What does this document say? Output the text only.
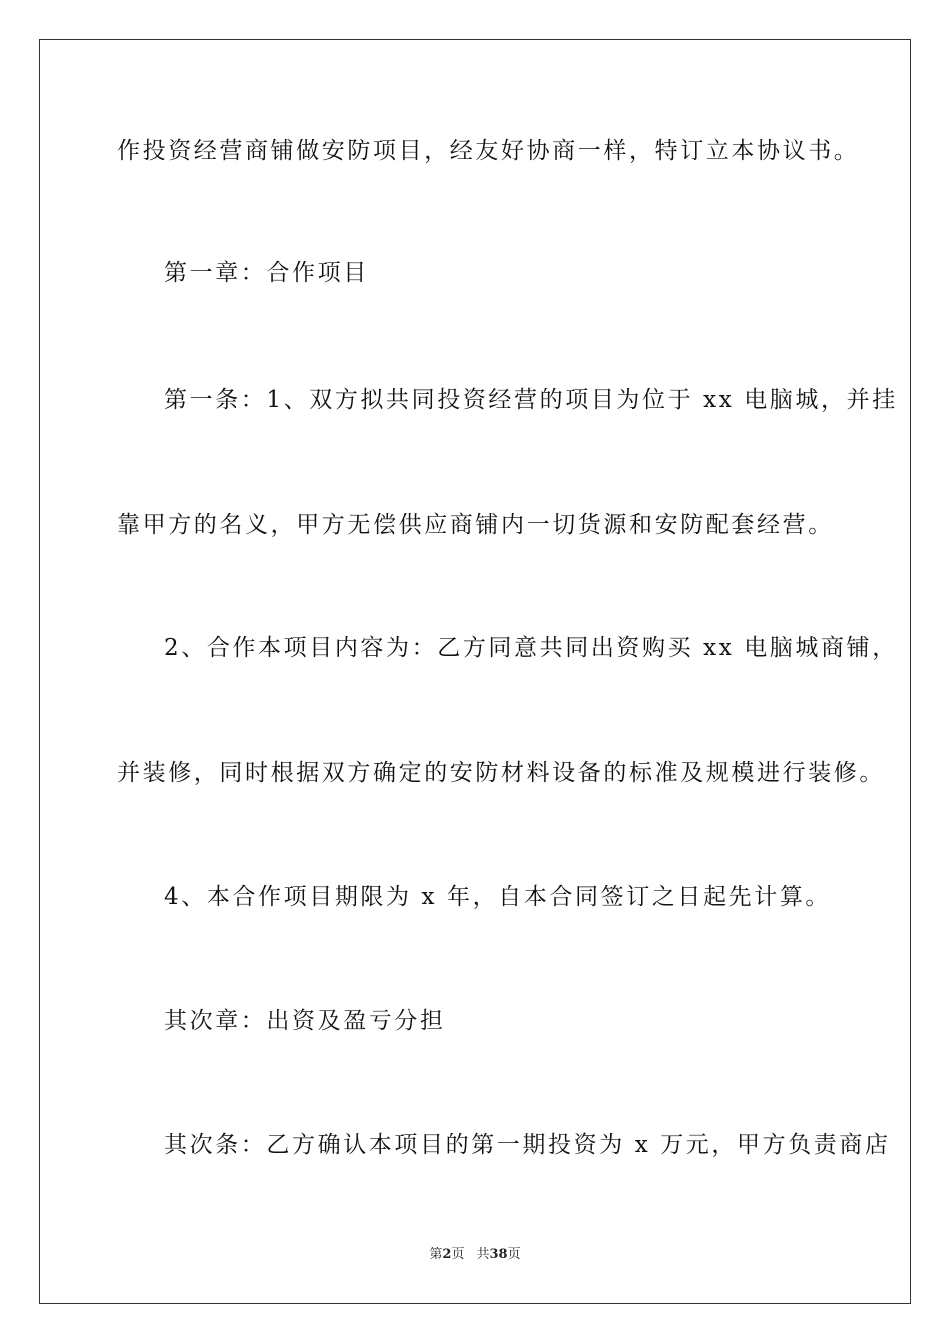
作投资经营商铺做安防项目，经友好协商一样，特订立本协议书。
第一章：合作项目
第一条：1、双方拟共同投资经营的项目为位于 xx 电脑城，并挂
靠甲方的名义，甲方无偿供应商铺内一切货源和安防配套经营。
2、合作本项目内容为：乙方同意共同出资购买 xx 电脑城商铺，
并装修，同时根据双方确定的安防材料设备的标准及规模进行装修。
4、本合作项目期限为 x 年，自本合同签订之日起先计算。
其次章：出资及盈亏分担
其次条：乙方确认本项目的第一期投资为 x 万元，甲方负责商店
第2页 共38页
